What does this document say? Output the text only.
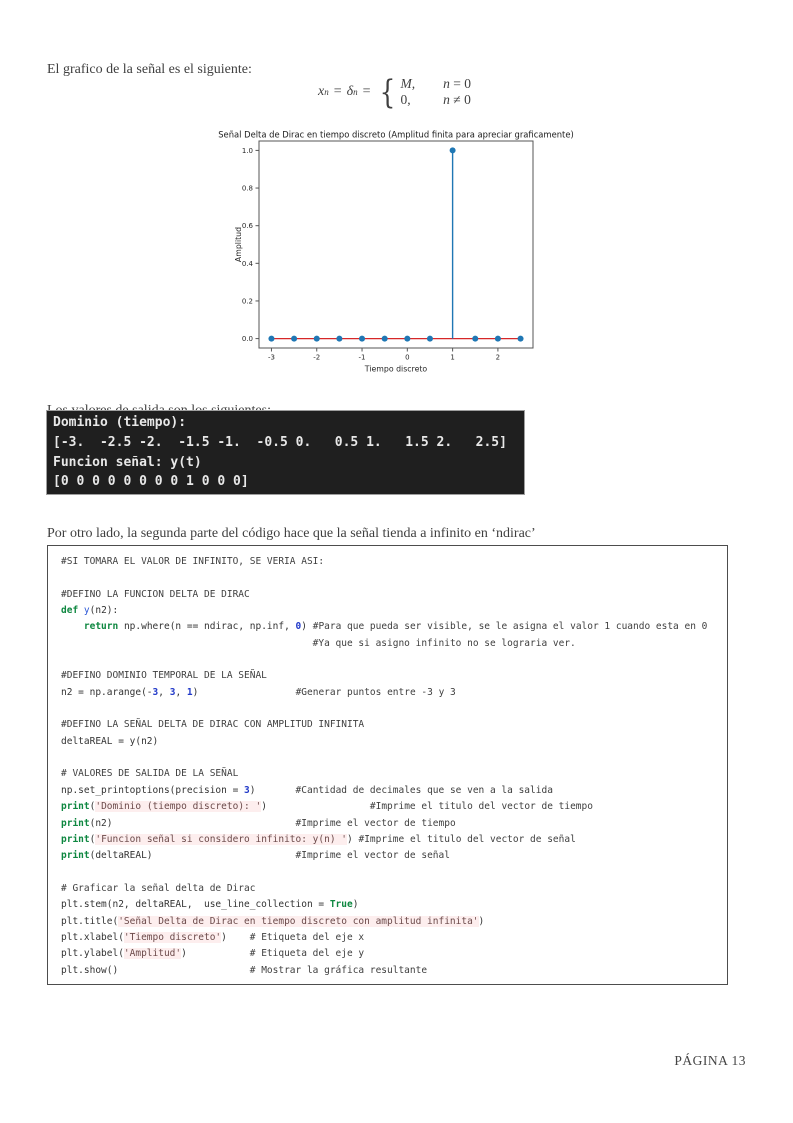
El grafico de la señal es el siguiente:

x n = δ n = { M, n = 0
0,	n ≠ 0
Señal Delta de Dirac en tiempo discreto (Amplitud finita para apreciar graficamente)
0.0
0.2
0.4
0.6
0.8
1.0
-3	-2	-1	0	1	2
Tiempo discreto
Amplitud

Dominio (tiempo):
[-3.  -2.5 -2.  -1.5 -1.  -0.5 0.   0.5 1.   1.5 2.   2.5]
Funcion señal: y(t)
[0 0 0 0 0 0 0 0 1 0 0 0]

Por otro lado, la segunda parte del código hace que la señal tienda a infinito en ‘ndirac’

#SI TOMARA EL VALOR DE INFINITO, SE VERIA ASI:

#DEFINO LA FUNCION DELTA DE DIRAC
def y(n2):
return np.where(n == ndirac, np.inf, 0) #Para que pueda ser visible, se le asigna el valor 1 cuando esta en 0
#Ya que si asigno infinito no se lograria ver.

#DEFINO DOMINIO TEMPORAL DE LA SEÑAL
n2 = np.arange(-3, 3, 1)                 #Generar puntos entre -3 y 3

#DEFINO LA SEÑAL DELTA DE DIRAC CON AMPLITUD INFINITA
deltaREAL = y(n2)

# VALORES DE SALIDA DE LA SEÑAL
np.set_printoptions(precision = 3)       #Cantidad de decimales que se ven a la salida
print('Dominio (tiempo discreto): ')                  #Imprime el titulo del vector de tiempo
print(n2)                                #Imprime el vector de tiempo
print('Funcion señal si considero infinito: y(n) ') #Imprime el titulo del vector de señal
print(deltaREAL)                         #Imprime el vector de señal

# Graficar la señal delta de Dirac
plt.stem(n2, deltaREAL,  use_line_collection = True)
plt.title('Señal Delta de Dirac en tiempo discreto con amplitud infinita')
plt.xlabel('Tiempo discreto')    # Etiqueta del eje x
plt.ylabel('Amplitud')           # Etiqueta del eje y
plt.show()                       # Mostrar la gráfica resultante
PÁGINA 13
